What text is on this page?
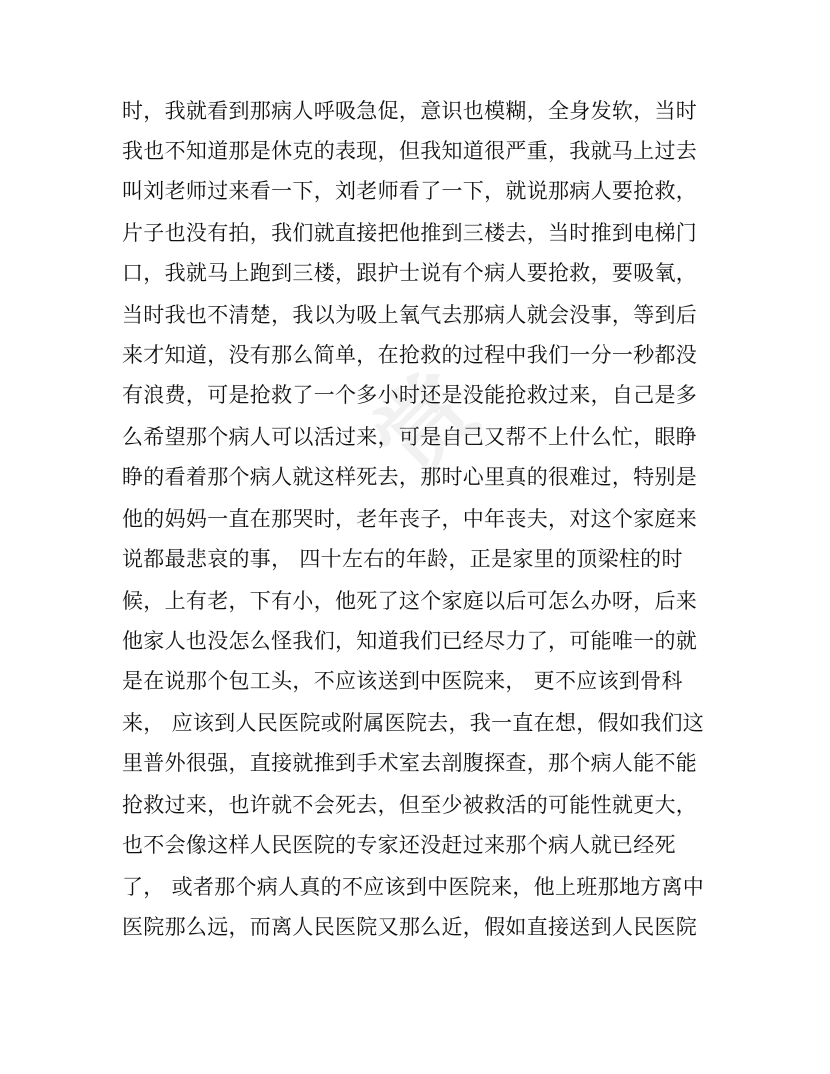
赏
时，我就看到那病人呼吸急促，意识也模糊，全身发软，当时
我也不知道那是休克的表现，但我知道很严重，我就马上过去
叫刘老师过来看一下，刘老师看了一下，就说那病人要抢救，
片子也没有拍，我们就直接把他推到三楼去，当时推到电梯门
口，我就马上跑到三楼，跟护士说有个病人要抢救，要吸氧，
当时我也不清楚，我以为吸上氧气去那病人就会没事，等到后
来才知道，没有那么简单，在抢救的过程中我们一分一秒都没
有浪费，可是抢救了一个多小时还是没能抢救过来，自己是多
么希望那个病人可以活过来，可是自己又帮不上什么忙，眼睁
睁的看着那个病人就这样死去，那时心里真的很难过，特别是
他的妈妈一直在那哭时，老年丧子，中年丧夫，对这个家庭来
说都最悲哀的事， 四十左右的年龄，正是家里的顶梁柱的时
候，上有老，下有小，他死了这个家庭以后可怎么办呀，后来
他家人也没怎么怪我们，知道我们已经尽力了，可能唯一的就
是在说那个包工头，不应该送到中医院来， 更不应该到骨科
来， 应该到人民医院或附属医院去，我一直在想，假如我们这
里普外很强，直接就推到手术室去剖腹探查，那个病人能不能
抢救过来，也许就不会死去，但至少被救活的可能性就更大，
也不会像这样人民医院的专家还没赶过来那个病人就已经死
了， 或者那个病人真的不应该到中医院来，他上班那地方离中
医院那么远，而离人民医院又那么近，假如直接送到人民医院
